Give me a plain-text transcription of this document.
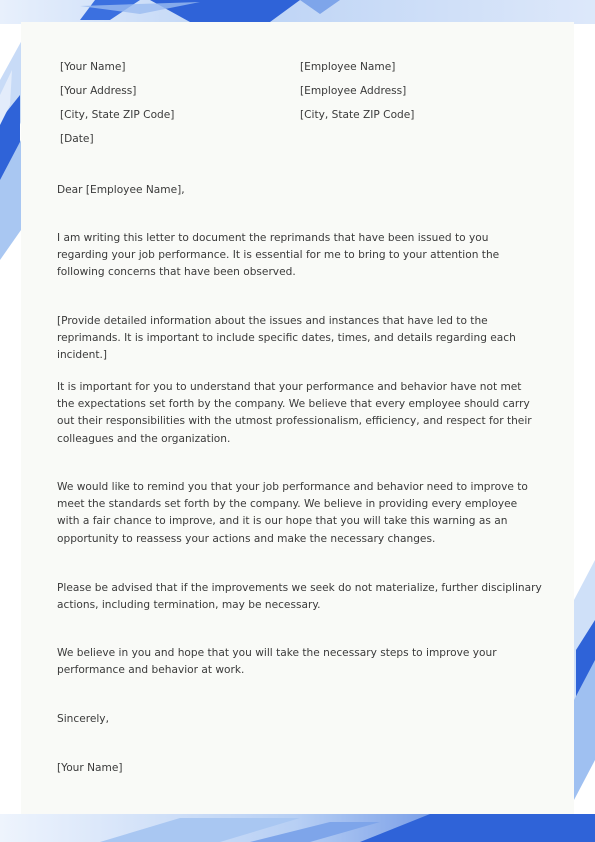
[Your Name]
[Your Address]
[City, State ZIP Code]
[Date]
[Employee Name]
[Employee Address]
[City, State ZIP Code]
Dear [Employee Name],

I am writing this letter to document the reprimands that have been issued to you regarding your job performance. It is essential for me to bring to your attention the following concerns that have been observed.

[Provide detailed information about the issues and instances that have led to the reprimands. It is important to include specific dates, times, and details regarding each incident.]

It is important for you to understand that your performance and behavior have not met the expectations set forth by the company. We believe that every employee should carry out their responsibilities with the utmost professionalism, efficiency, and respect for their colleagues and the organization.

We would like to remind you that your job performance and behavior need to improve to meet the standards set forth by the company. We believe in providing every employee with a fair chance to improve, and it is our hope that you will take this warning as an opportunity to reassess your actions and make the necessary changes.

Please be advised that if the improvements we seek do not materialize, further disciplinary actions, including termination, may be necessary.

We believe in you and hope that you will take the necessary steps to improve your performance and behavior at work.

Sincerely,
[Your Name]
